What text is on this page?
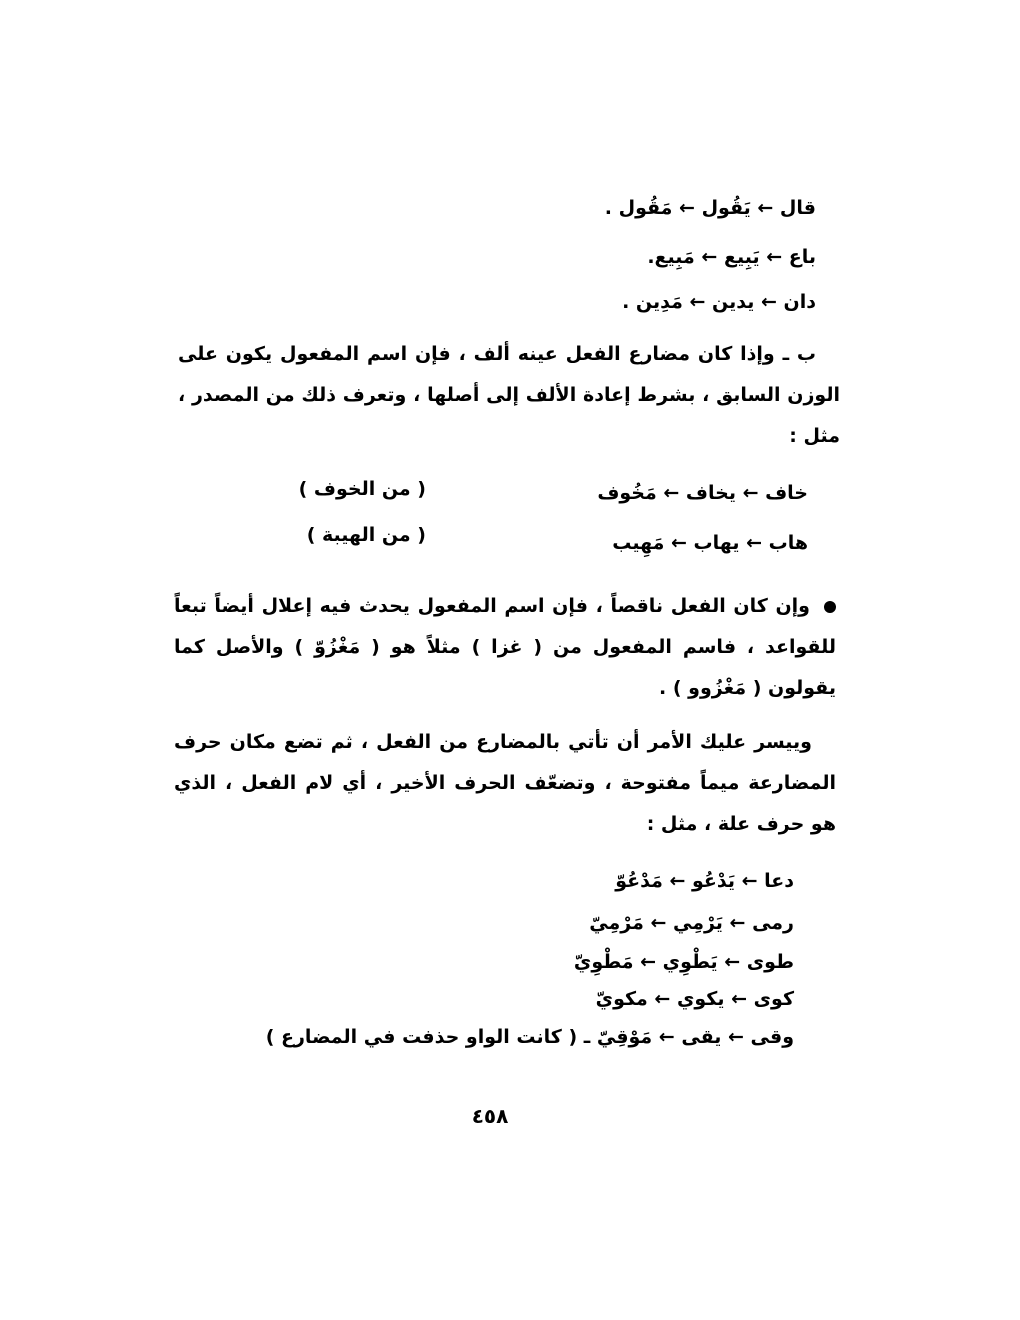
قال ← يَقُول ← مَقُول .
باع ← يَبِيع ← مَبِيع.
دان ← يدين ← مَدِين .
ب ـ وإذا كان مضارع الفعل عينه ألف ، فإن اسم المفعول يكون على الوزن السابق ، بشرط إعادة الألف إلى أصلها ، وتعرف ذلك من المصدر ، مثل :
خاف ← يخاف ← مَخُوف
( من الخوف )
هاب ← يهاب ← مَهِيب
( من الهيبة )
وإن كان الفعل ناقصاً ، فإن اسم المفعول يحدث فيه إعلال أيضاً تبعاً للقواعد ، فاسم المفعول من ( غزا ) مثلاً هو ( مَغْزُوّ ) والأصل كما يقولون ( مَغْزُوو ) .
وييسر عليك الأمر أن تأتي بالمضارع من الفعل ، ثم تضع مكان حرف المضارعة ميماً مفتوحة ، وتضعّف الحرف الأخير ، أي لام الفعل ، الذي هو حرف علة ، مثل :
دعا ← يَدْعُو ← مَدْعُوّ
رمى ← يَرْمِي ← مَرْمِيّ
طوى ← يَطْوِي ← مَطْوِيّ
كوى ← يكوي ← مكويّ
وقى ← يقى ← مَوْقِيّ ـ ( كانت الواو حذفت في المضارع )
٤٥٨
